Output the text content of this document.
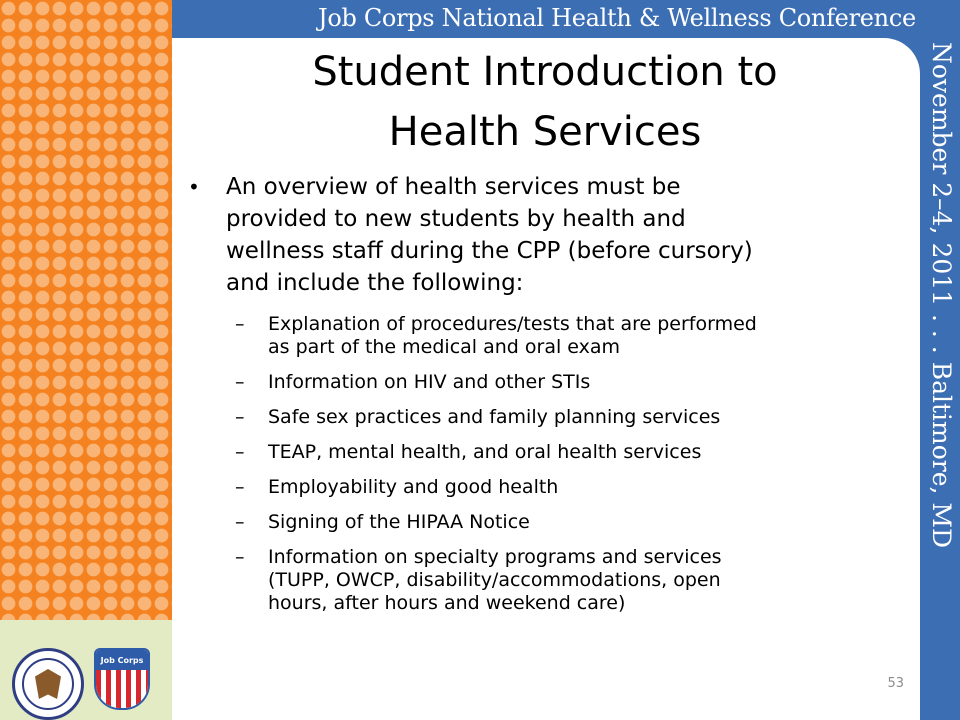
Job Corps
Job Corps National Health & Wellness Conference
November 2–4, 2011 . . . Baltimore, MD
Student Introduction to
Health Services
• An overview of health services must be
provided to new students by health and
wellness staff during the CPP (before cursory)
and include the following:
– Explanation of procedures/tests that are performed
as part of the medical and oral exam
– Information on HIV and other STIs
– Safe sex practices and family planning services
– TEAP, mental health, and oral health services
– Employability and good health
– Signing of the HIPAA Notice
– Information on specialty programs and services
(TUPP, OWCP, disability/accommodations, open
hours, after hours and weekend care)
53
